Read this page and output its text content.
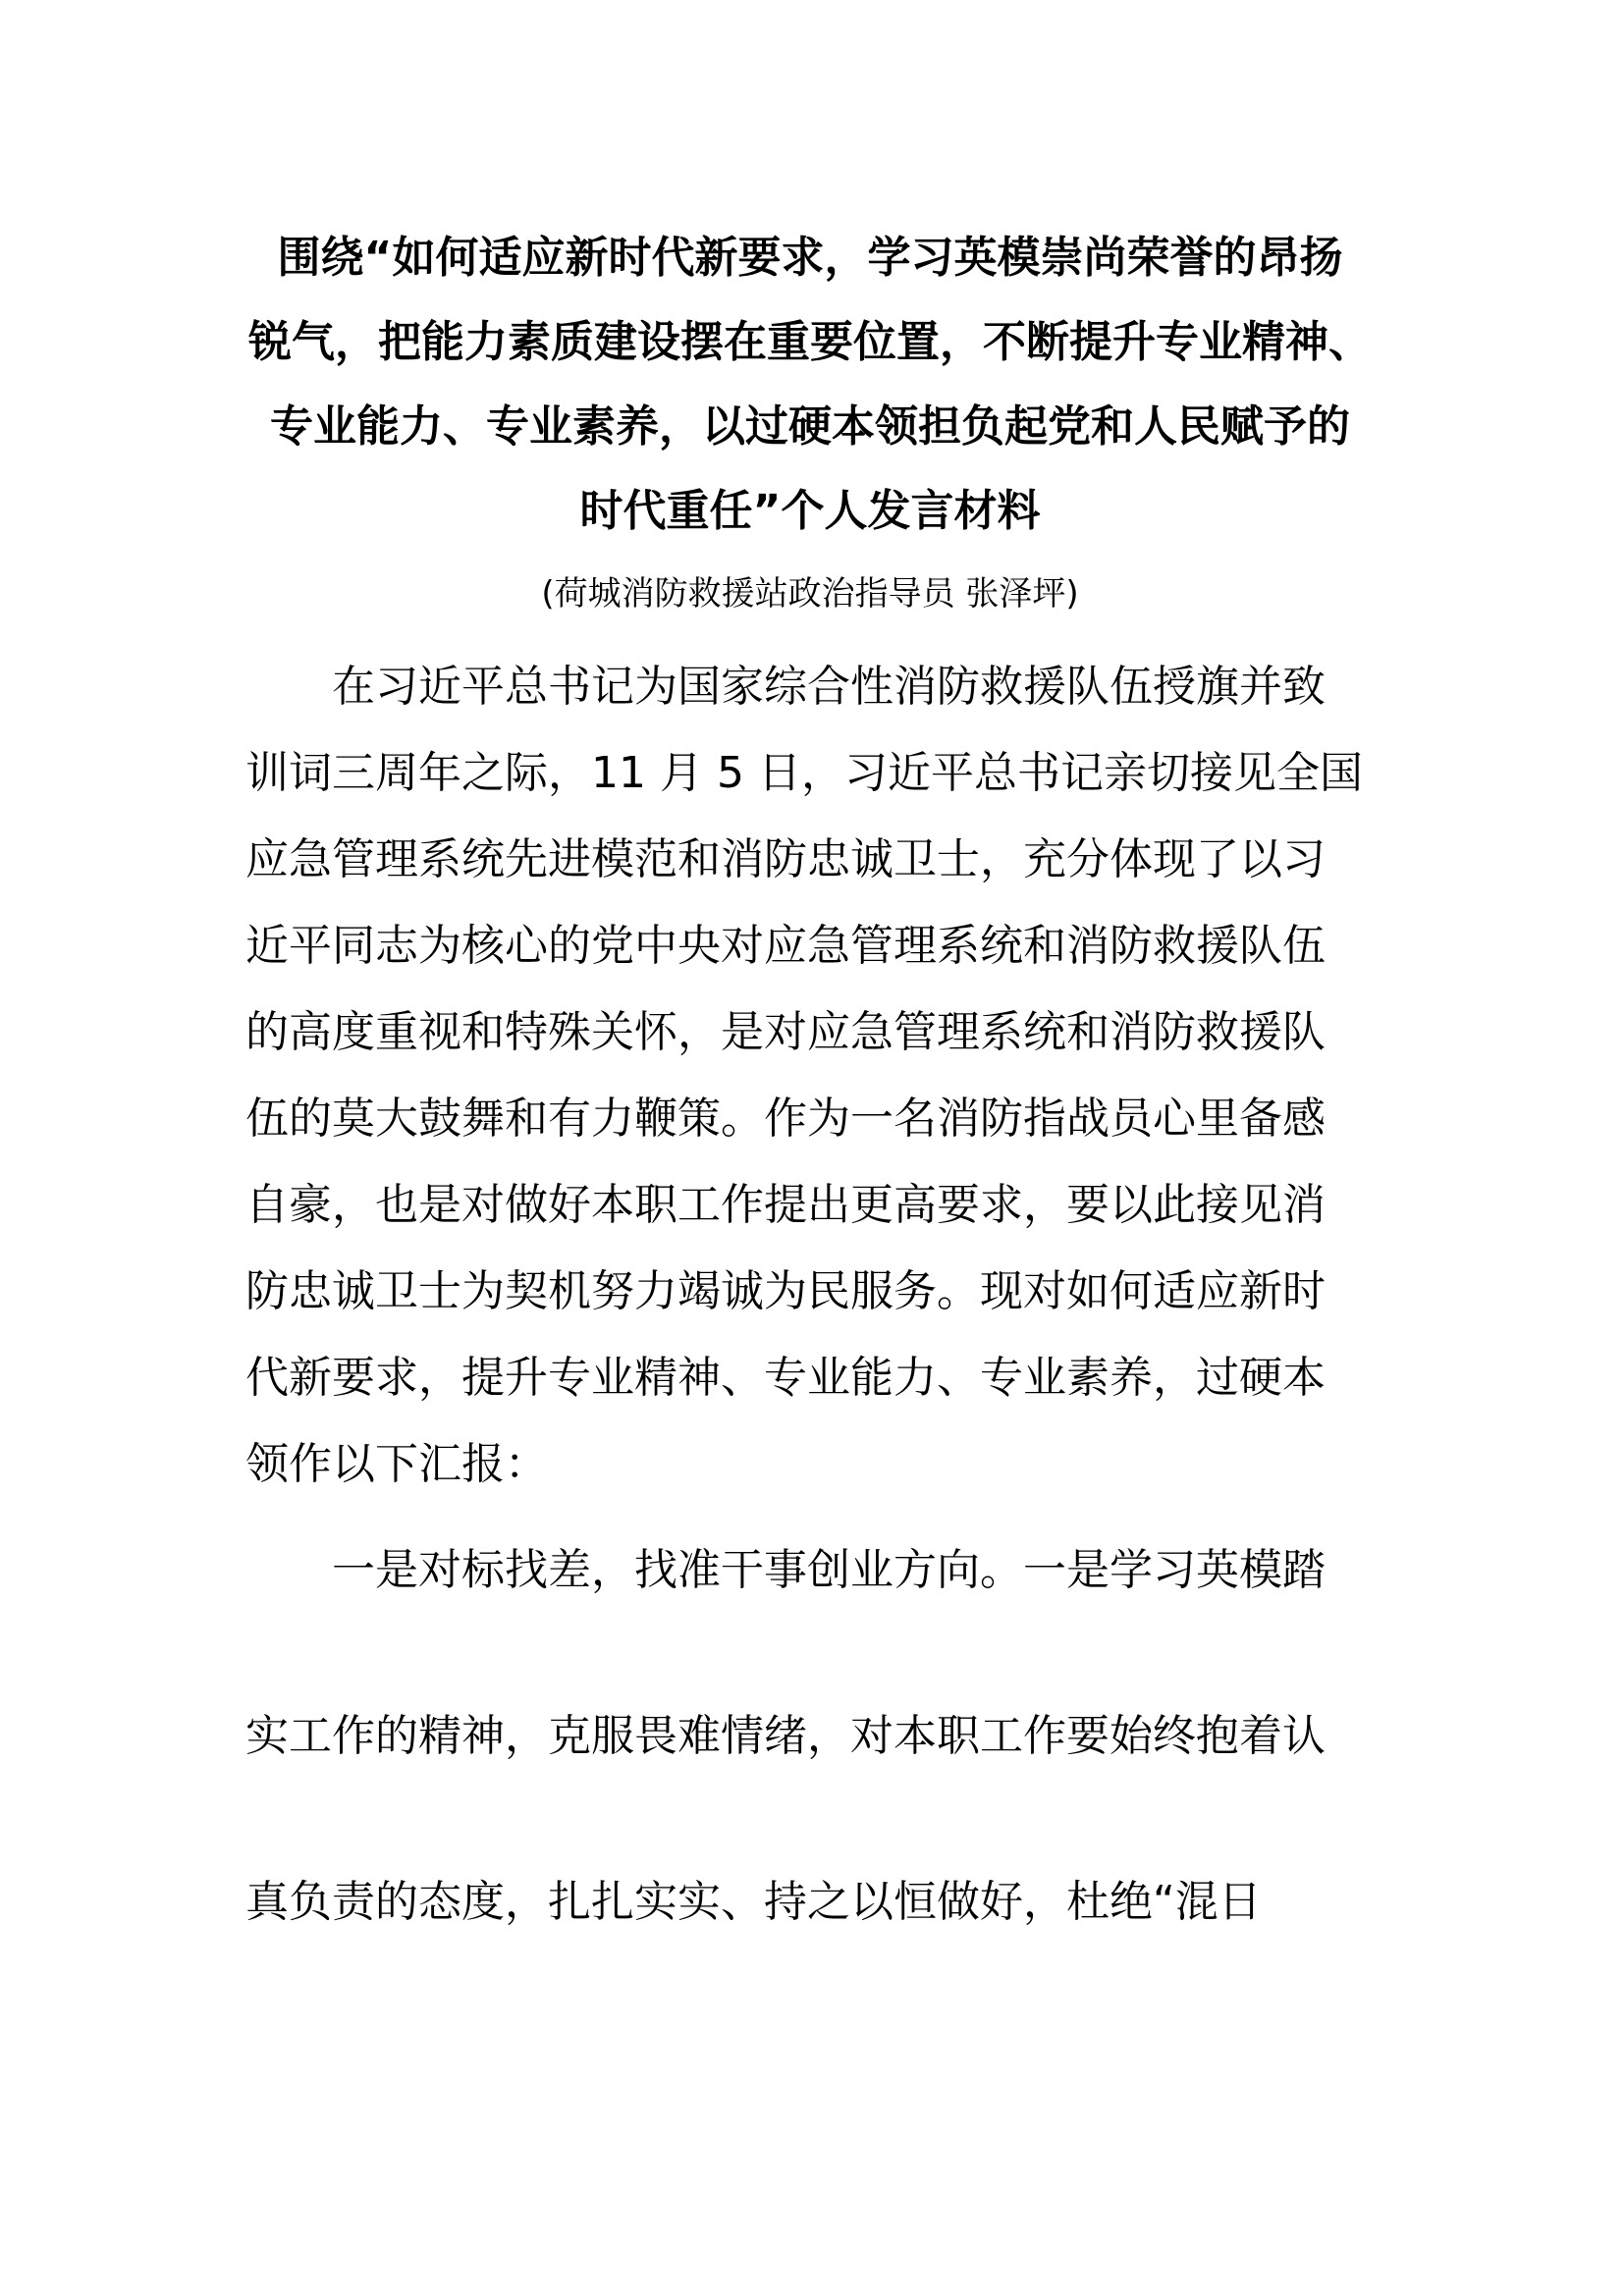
围绕“如何适应新时代新要求，学习英模崇尚荣誉的昂扬
锐气，把能力素质建设摆在重要位置，不断提升专业精神、
专业能力、专业素养，以过硬本领担负起党和人民赋予的
时代重任”个人发言材料
(荷城消防救援站政治指导员 张泽坪)
在习近平总书记为国家综合性消防救援队伍授旗并致
训词三周年之际，11 月 5 日，习近平总书记亲切接见全国
应急管理系统先进模范和消防忠诚卫士，充分体现了以习
近平同志为核心的党中央对应急管理系统和消防救援队伍
的高度重视和特殊关怀，是对应急管理系统和消防救援队
伍的莫大鼓舞和有力鞭策。作为一名消防指战员心里备感
自豪，也是对做好本职工作提出更高要求，要以此接见消
防忠诚卫士为契机努力竭诚为民服务。现对如何适应新时
代新要求，提升专业精神、专业能力、专业素养，过硬本
领作以下汇报：
一是对标找差，找准干事创业方向。一是学习英模踏
实工作的精神，克服畏难情绪，对本职工作要始终抱着认
真负责的态度，扎扎实实、持之以恒做好，杜绝“混日
